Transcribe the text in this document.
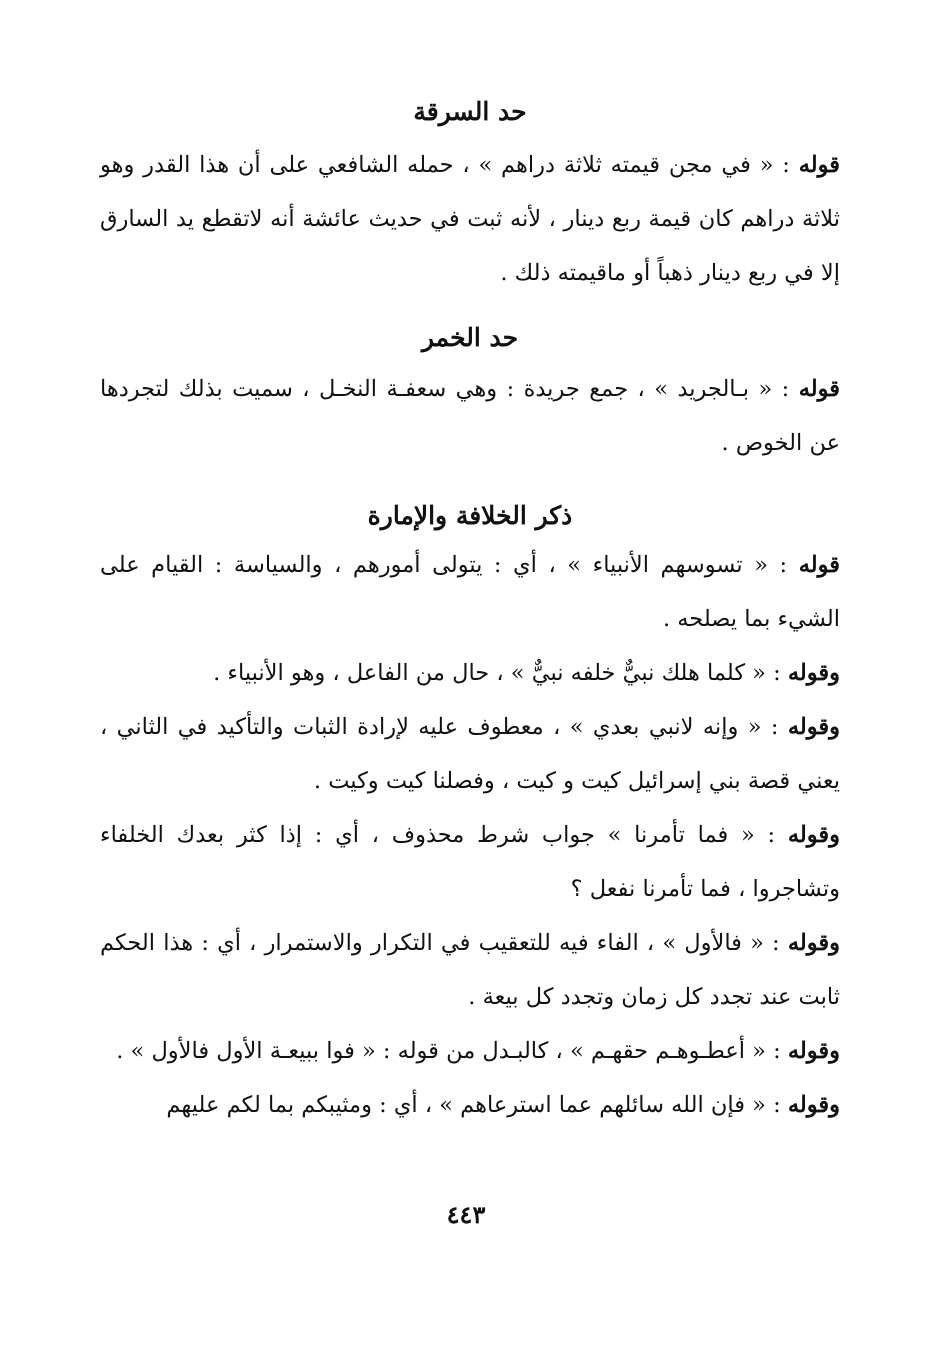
حد السرقة

قوله : « في مجن قيمته ثلاثة دراهم » ، حمله الشافعي على أن هذا القدر وهو ثلاثة دراهم كان قيمة ربع دينار ، لأنه ثبت في حديث عائشة أنه لاتقطع يد السارق إلا في ربع دينار ذهباً أو ماقيمته ذلك .

حد الخمر

قوله : « بـالجريد » ، جمع جريدة : وهي سعفـة النخـل ، سميت بذلك لتجردها عن الخوص .

ذكر الخلافة والإمارة

قوله : « تسوسهم الأنبياء » ، أي : يتولى أمورهم ، والسياسة : القيام على الشيء بما يصلحه .

وقوله : « كلما هلك نبيٌّ خلفه نبيٌّ » ، حال من الفاعل ، وهو الأنبياء .

وقوله : « وإنه لانبي بعدي » ، معطوف عليه لإرادة الثبات والتأكيد في الثاني ، يعني قصة بني إسرائيل كيت و كيت ، وفصلنا كيت وكيت .

وقوله : « فما تأمرنا » جواب شرط محذوف ، أي : إذا كثر بعدك الخلفاء وتشاجروا ، فما تأمرنا نفعل ؟

وقوله : « فالأول » ، الفاء فيه للتعقيب في التكرار والاستمرار ، أي : هذا الحكم ثابت عند تجدد كل زمان وتجدد كل بيعة .

وقوله : « أعطـوهـم حقهـم » ، كالبـدل من قوله : « فوا ببيعـة الأول فالأول » .

وقوله : « فإن الله سائلهم عما استرعاهم » ، أي : ومثيبكم بما لكم عليهم

٤٤٣
